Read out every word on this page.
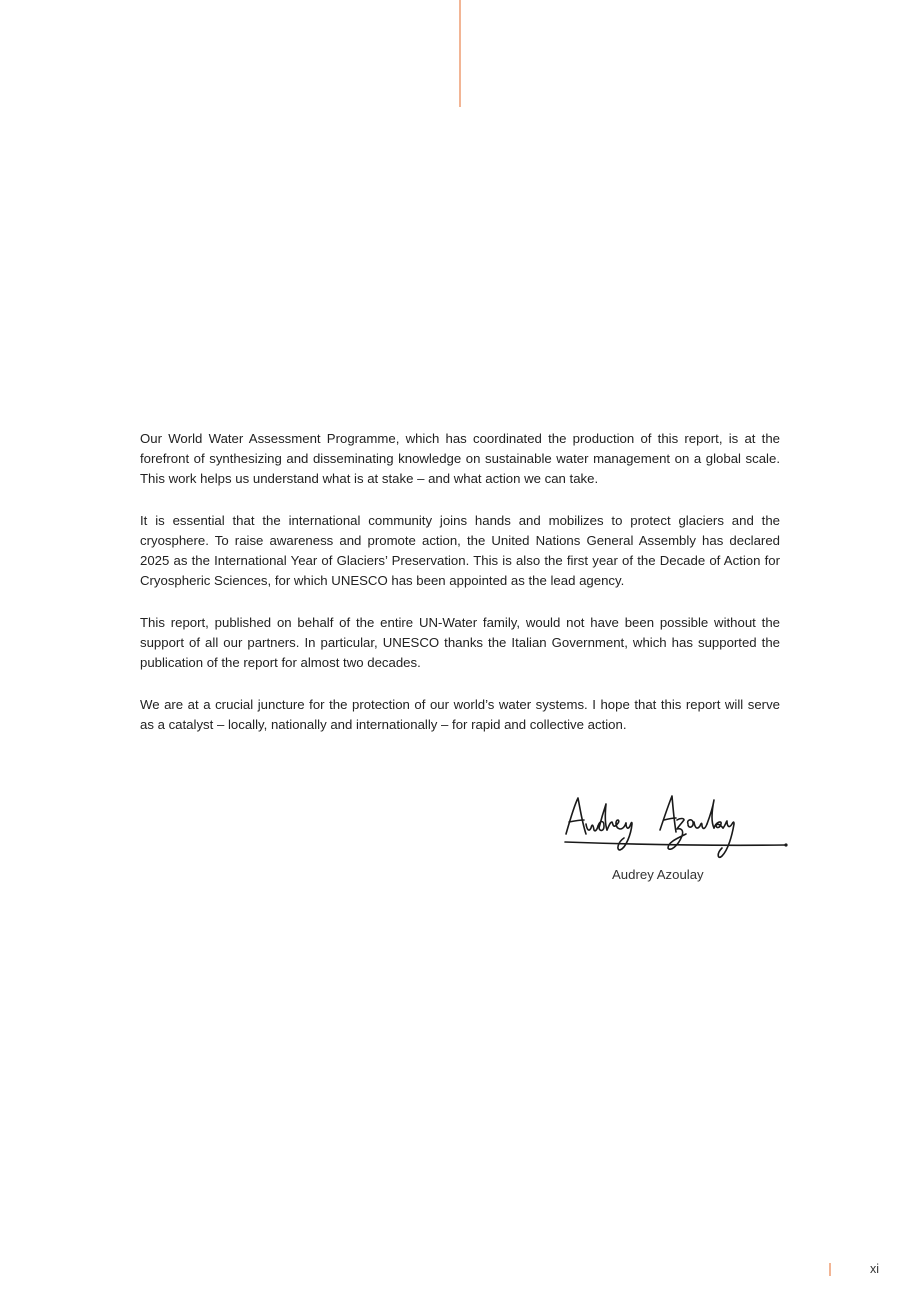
Our World Water Assessment Programme, which has coordinated the production of this report, is at the forefront of synthesizing and disseminating knowledge on sustainable water management on a global scale. This work helps us understand what is at stake – and what action we can take.

It is essential that the international community joins hands and mobilizes to protect glaciers and the cryosphere. To raise awareness and promote action, the United Nations General Assembly has declared 2025 as the International Year of Glaciers’ Preservation. This is also the first year of the Decade of Action for Cryospheric Sciences, for which UNESCO has been appointed as the lead agency.

This report, published on behalf of the entire UN-Water family, would not have been possible without the support of all our partners. In particular, UNESCO thanks the Italian Government, which has supported the publication of the report for almost two decades.

We are at a crucial juncture for the protection of our world’s water systems. I hope that this report will serve as a catalyst – locally, nationally and internationally – for rapid and collective action.

Audrey Azoulay
xi
